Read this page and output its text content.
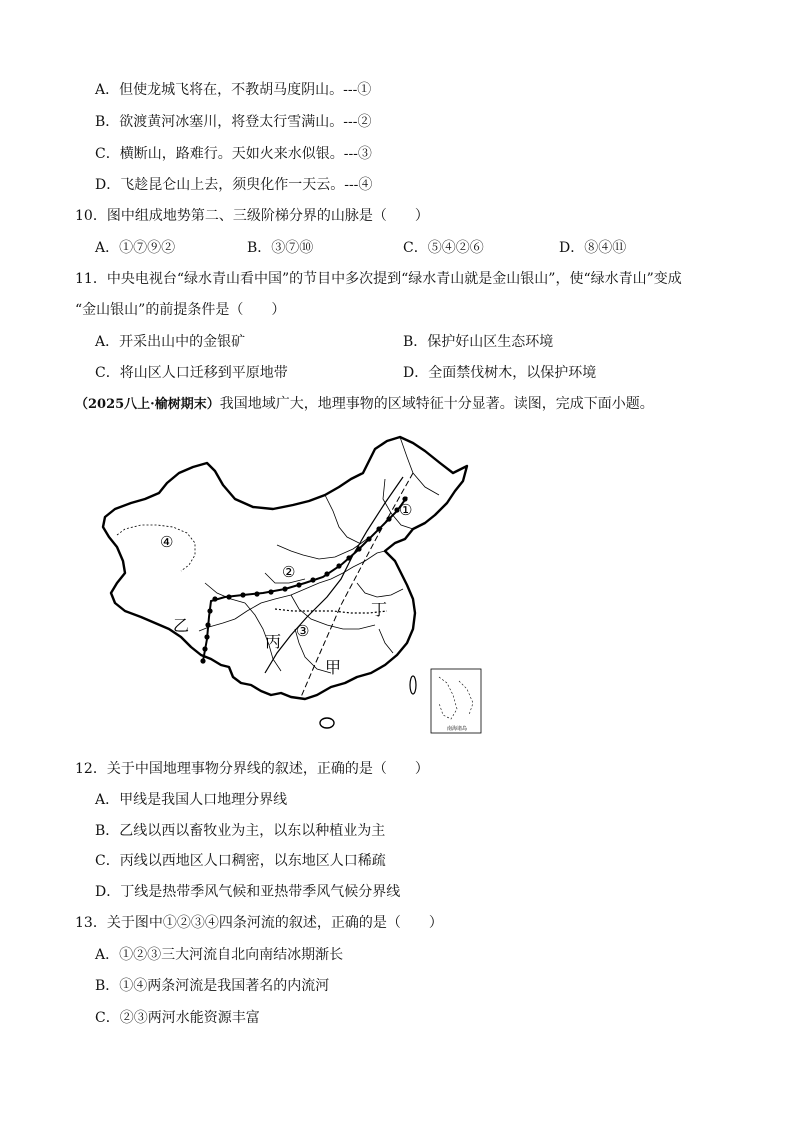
A．但使龙城飞将在，不教胡马度阴山。---①
B．欲渡黄河冰塞川，将登太行雪满山。---②
C．横断山，路难行。天如火来水似银。---③
D．飞趁昆仑山上去，须臾化作一天云。---④
10．图中组成地势第二、三级阶梯分界的山脉是（　　）
A．①⑦⑨②	B．③⑦⑩	C．⑤④②⑥	D．⑧④⑪
11．中央电视台“绿水青山看中国”的节目中多次提到“绿水青山就是金山银山”，使“绿水青山”变成
“金山银山”的前提条件是（　　）
A．开采出山中的金银矿	B．保护好山区生态环境
C．将山区人口迁移到平原地带	D．全面禁伐树木，以保护环境
（2025八上·榆树期末）我国地域广大，地理事物的区域特征十分显著。读图，完成下面小题。
南海诸岛
①
②
③
④
乙
丙
甲
丁
12．关于中国地理事物分界线的叙述，正确的是（　　）
A．甲线是我国人口地理分界线
B．乙线以西以畜牧业为主，以东以种植业为主
C．丙线以西地区人口稠密，以东地区人口稀疏
D．丁线是热带季风气候和亚热带季风气候分界线
13．关于图中①②③④四条河流的叙述，正确的是（　　）
A．①②③三大河流自北向南结冰期渐长
B．①④两条河流是我国著名的内流河
C．②③两河水能资源丰富
